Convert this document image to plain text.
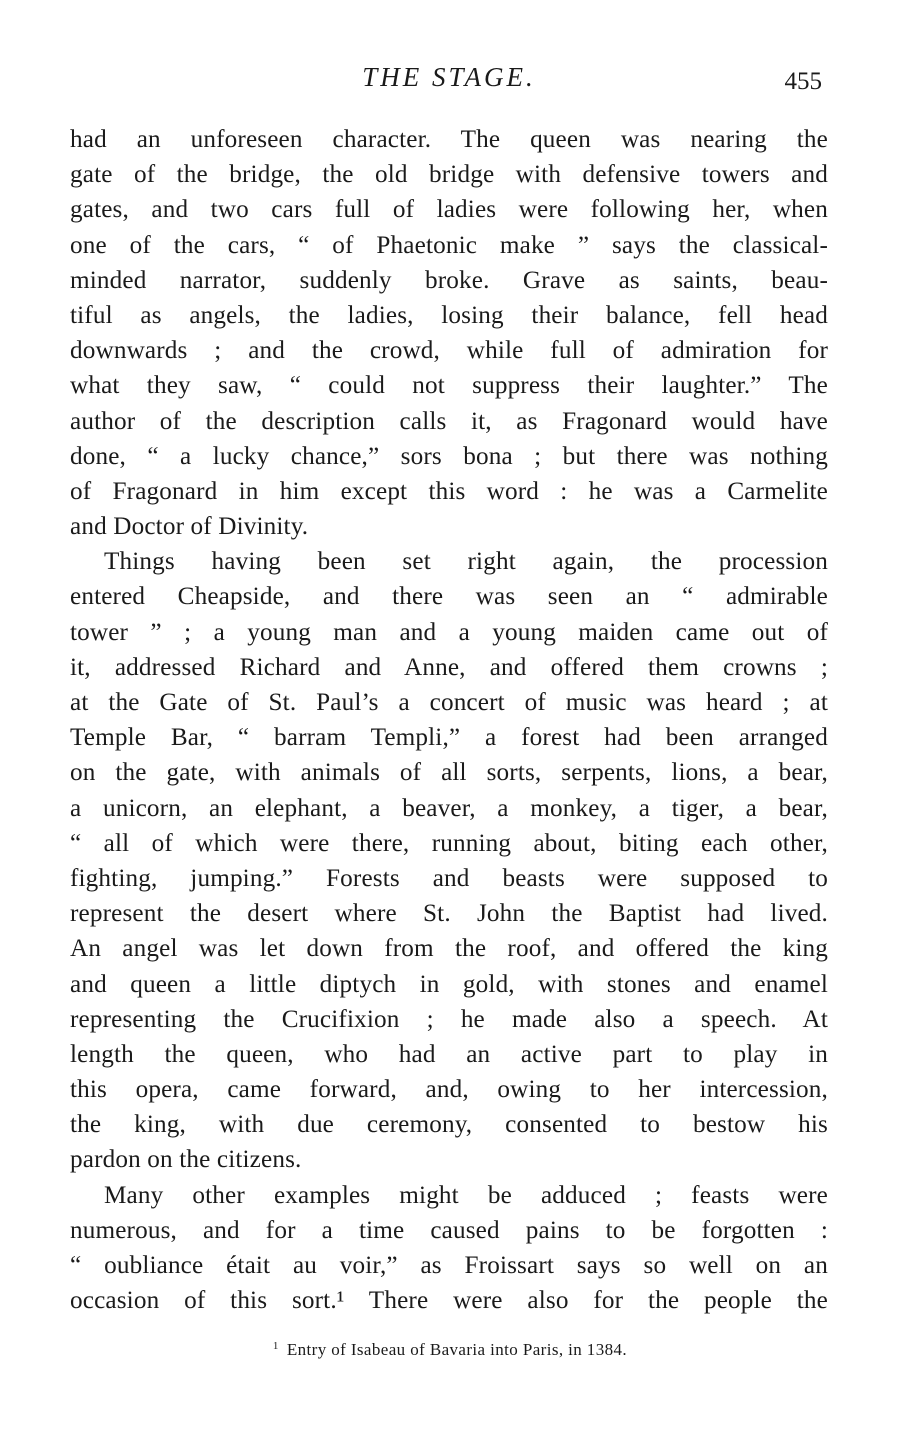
THE STAGE.	455
had an unforeseen character. The queen was nearing the
gate of the bridge, the old bridge with defensive towers and
gates, and two cars full of ladies were following her, when
one of the cars, “ of Phaetonic make ” says the classical-
minded narrator, suddenly broke. Grave as saints, beau-
tiful as angels, the ladies, losing their balance, fell head
downwards ; and the crowd, while full of admiration for
what they saw, “ could not suppress their laughter.” The
author of the description calls it, as Fragonard would have
done, “ a lucky chance,” sors bona ; but there was nothing
of Fragonard in him except this word : he was a Carmelite
and Doctor of Divinity.
Things having been set right again, the procession
entered Cheapside, and there was seen an “ admirable
tower ” ; a young man and a young maiden came out of
it, addressed Richard and Anne, and offered them crowns ;
at the Gate of St. Paul’s a concert of music was heard ; at
Temple Bar, “ barram Templi,” a forest had been arranged
on the gate, with animals of all sorts, serpents, lions, a bear,
a unicorn, an elephant, a beaver, a monkey, a tiger, a bear,
“ all of which were there, running about, biting each other,
fighting, jumping.” Forests and beasts were supposed to
represent the desert where St. John the Baptist had lived.
An angel was let down from the roof, and offered the king
and queen a little diptych in gold, with stones and enamel
representing the Crucifixion ; he made also a speech. At
length the queen, who had an active part to play in
this opera, came forward, and, owing to her intercession,
the king, with due ceremony, consented to bestow his
pardon on the citizens.
Many other examples might be adduced ; feasts were
numerous, and for a time caused pains to be forgotten :
“ oubliance était au voir,” as Froissart says so well on an
occasion of this sort.¹ There were also for the people the
$^1$ Entry of Isabeau of Bavaria into Paris, in 1384.
